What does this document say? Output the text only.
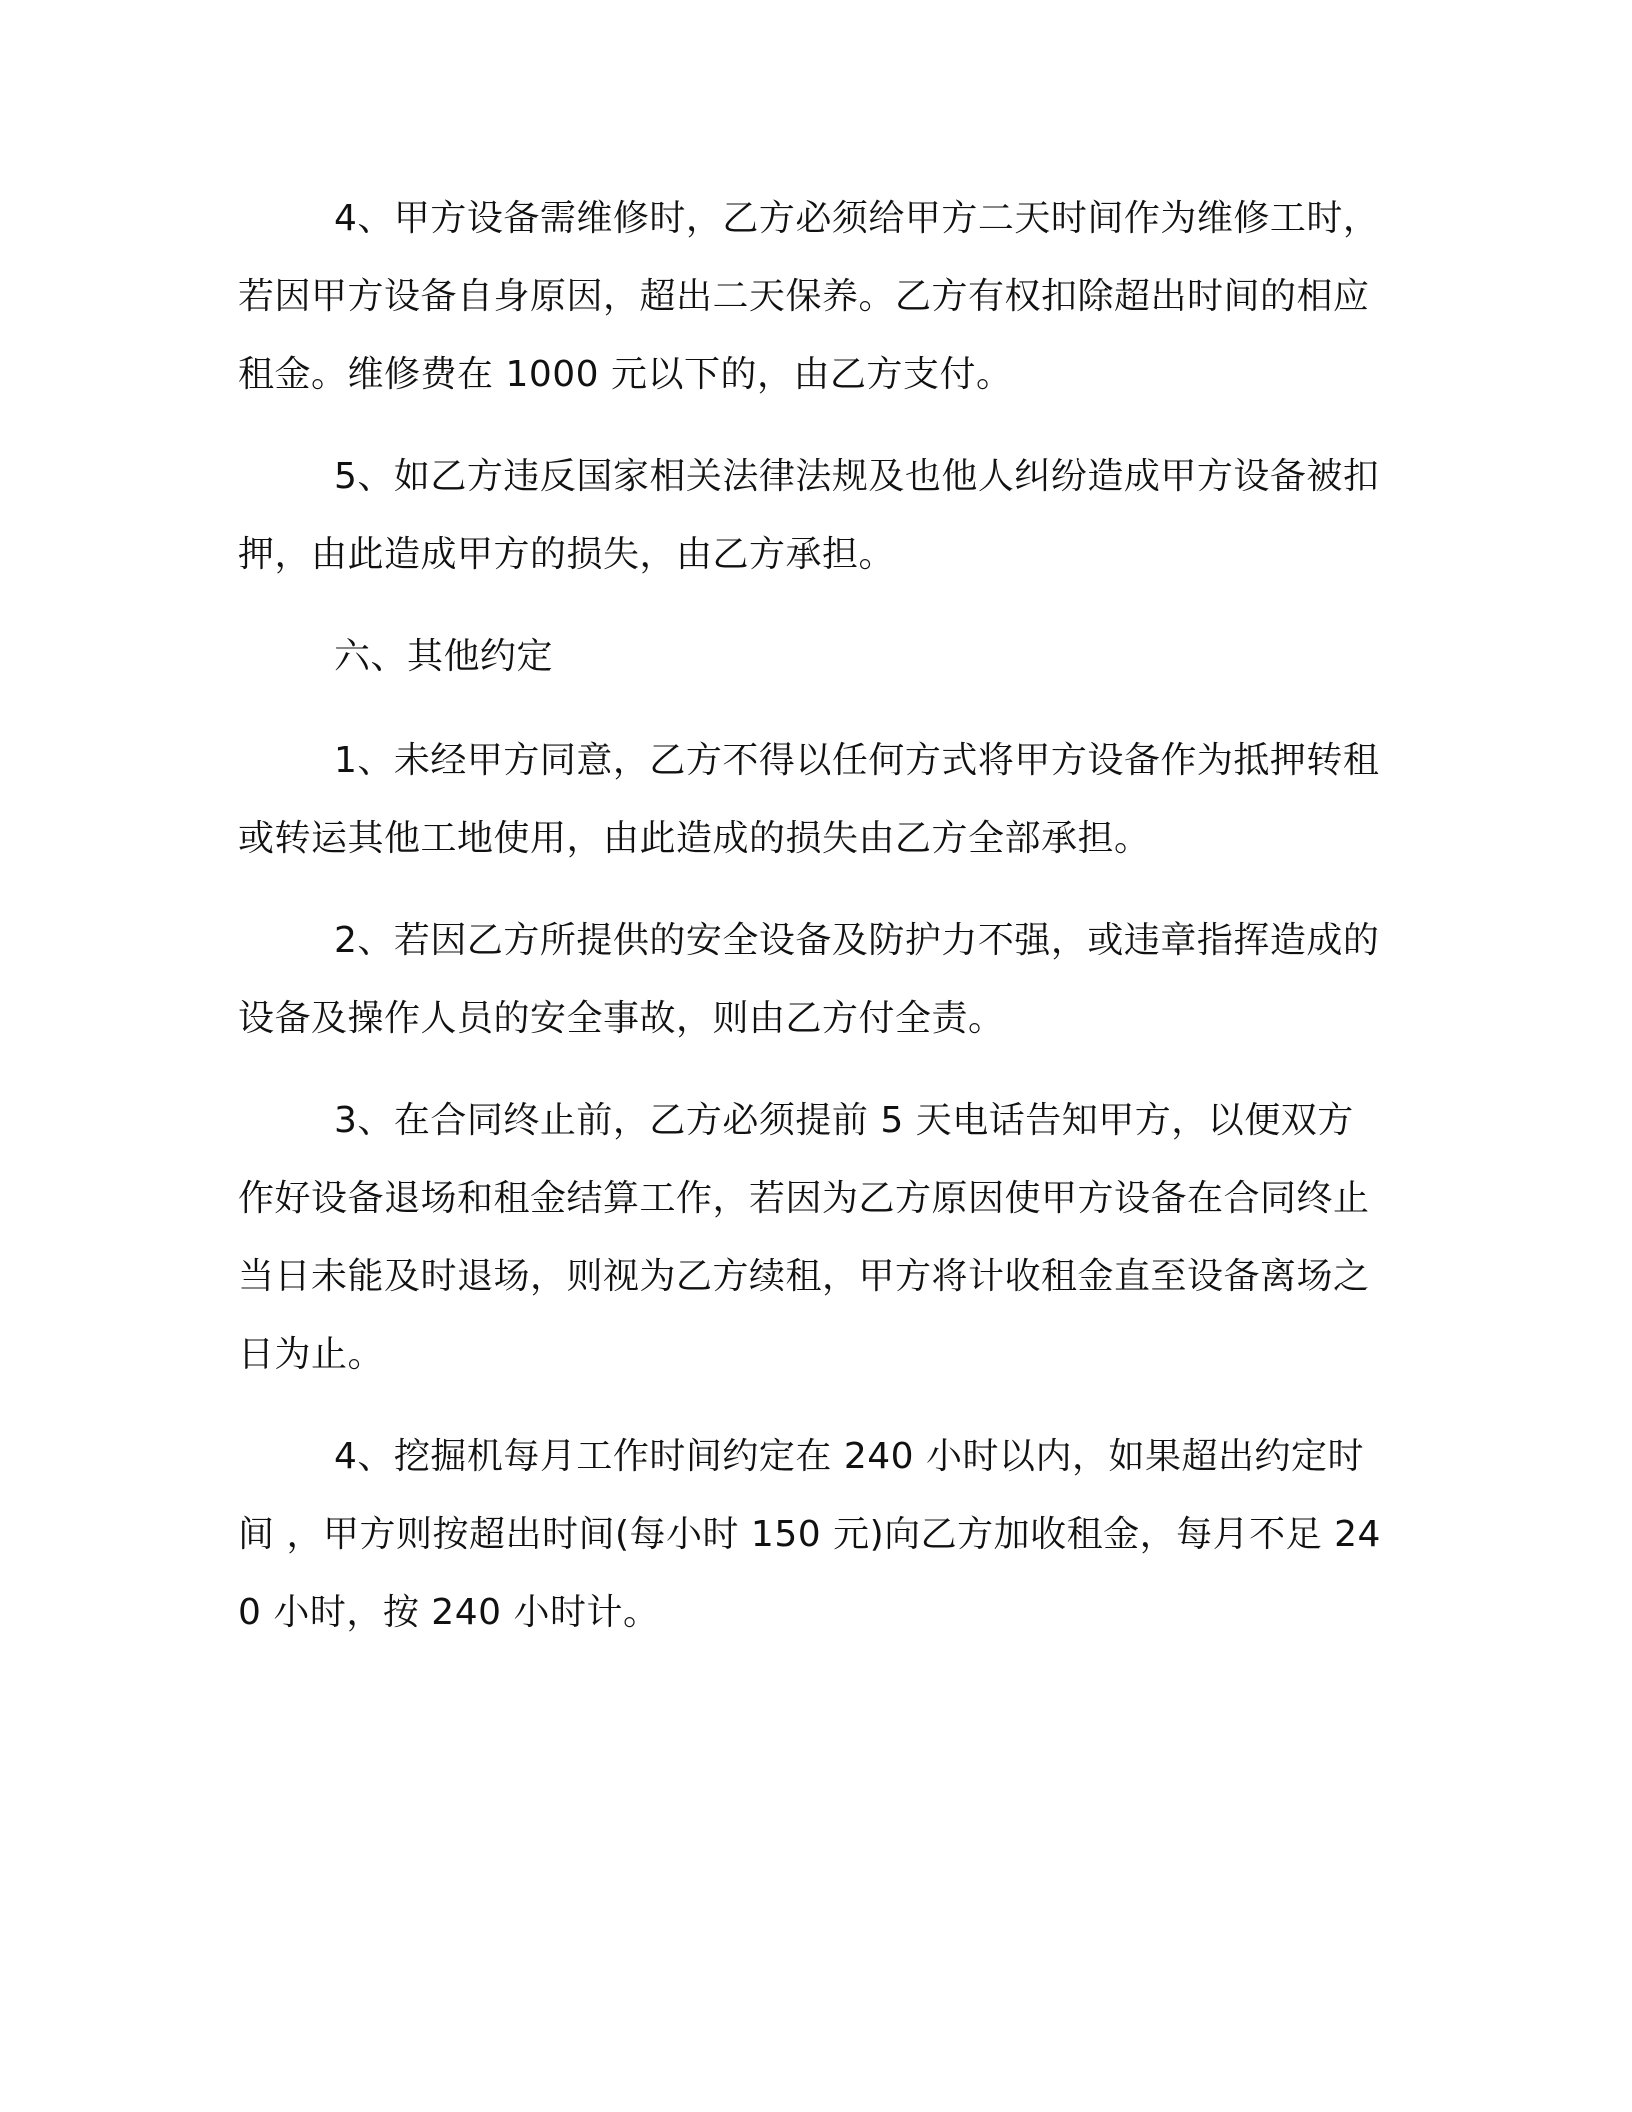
4、甲方设备需维修时，乙方必须给甲方二天时间作为维修工时，若因甲方设备自身原因，超出二天保养。乙方有权扣除超出时间的相应租金。维修费在 1000 元以下的，由乙方支付。

5、如乙方违反国家相关法律法规及也他人纠纷造成甲方设备被扣押，由此造成甲方的损失，由乙方承担。

六、其他约定

1、未经甲方同意，乙方不得以任何方式将甲方设备作为抵押转租或转运其他工地使用，由此造成的损失由乙方全部承担。

2、若因乙方所提供的安全设备及防护力不强，或违章指挥造成的设备及操作人员的安全事故，则由乙方付全责。

3、在合同终止前，乙方必须提前 5 天电话告知甲方，以便双方作好设备退场和租金结算工作，若因为乙方原因使甲方设备在合同终止当日未能及时退场，则视为乙方续租，甲方将计收租金直至设备离场之日为止。

4、挖掘机每月工作时间约定在 240 小时以内，如果超出约定时间 ，甲方则按超出时间(每小时 150 元)向乙方加收租金，每月不足 240 小时，按 240 小时计。
